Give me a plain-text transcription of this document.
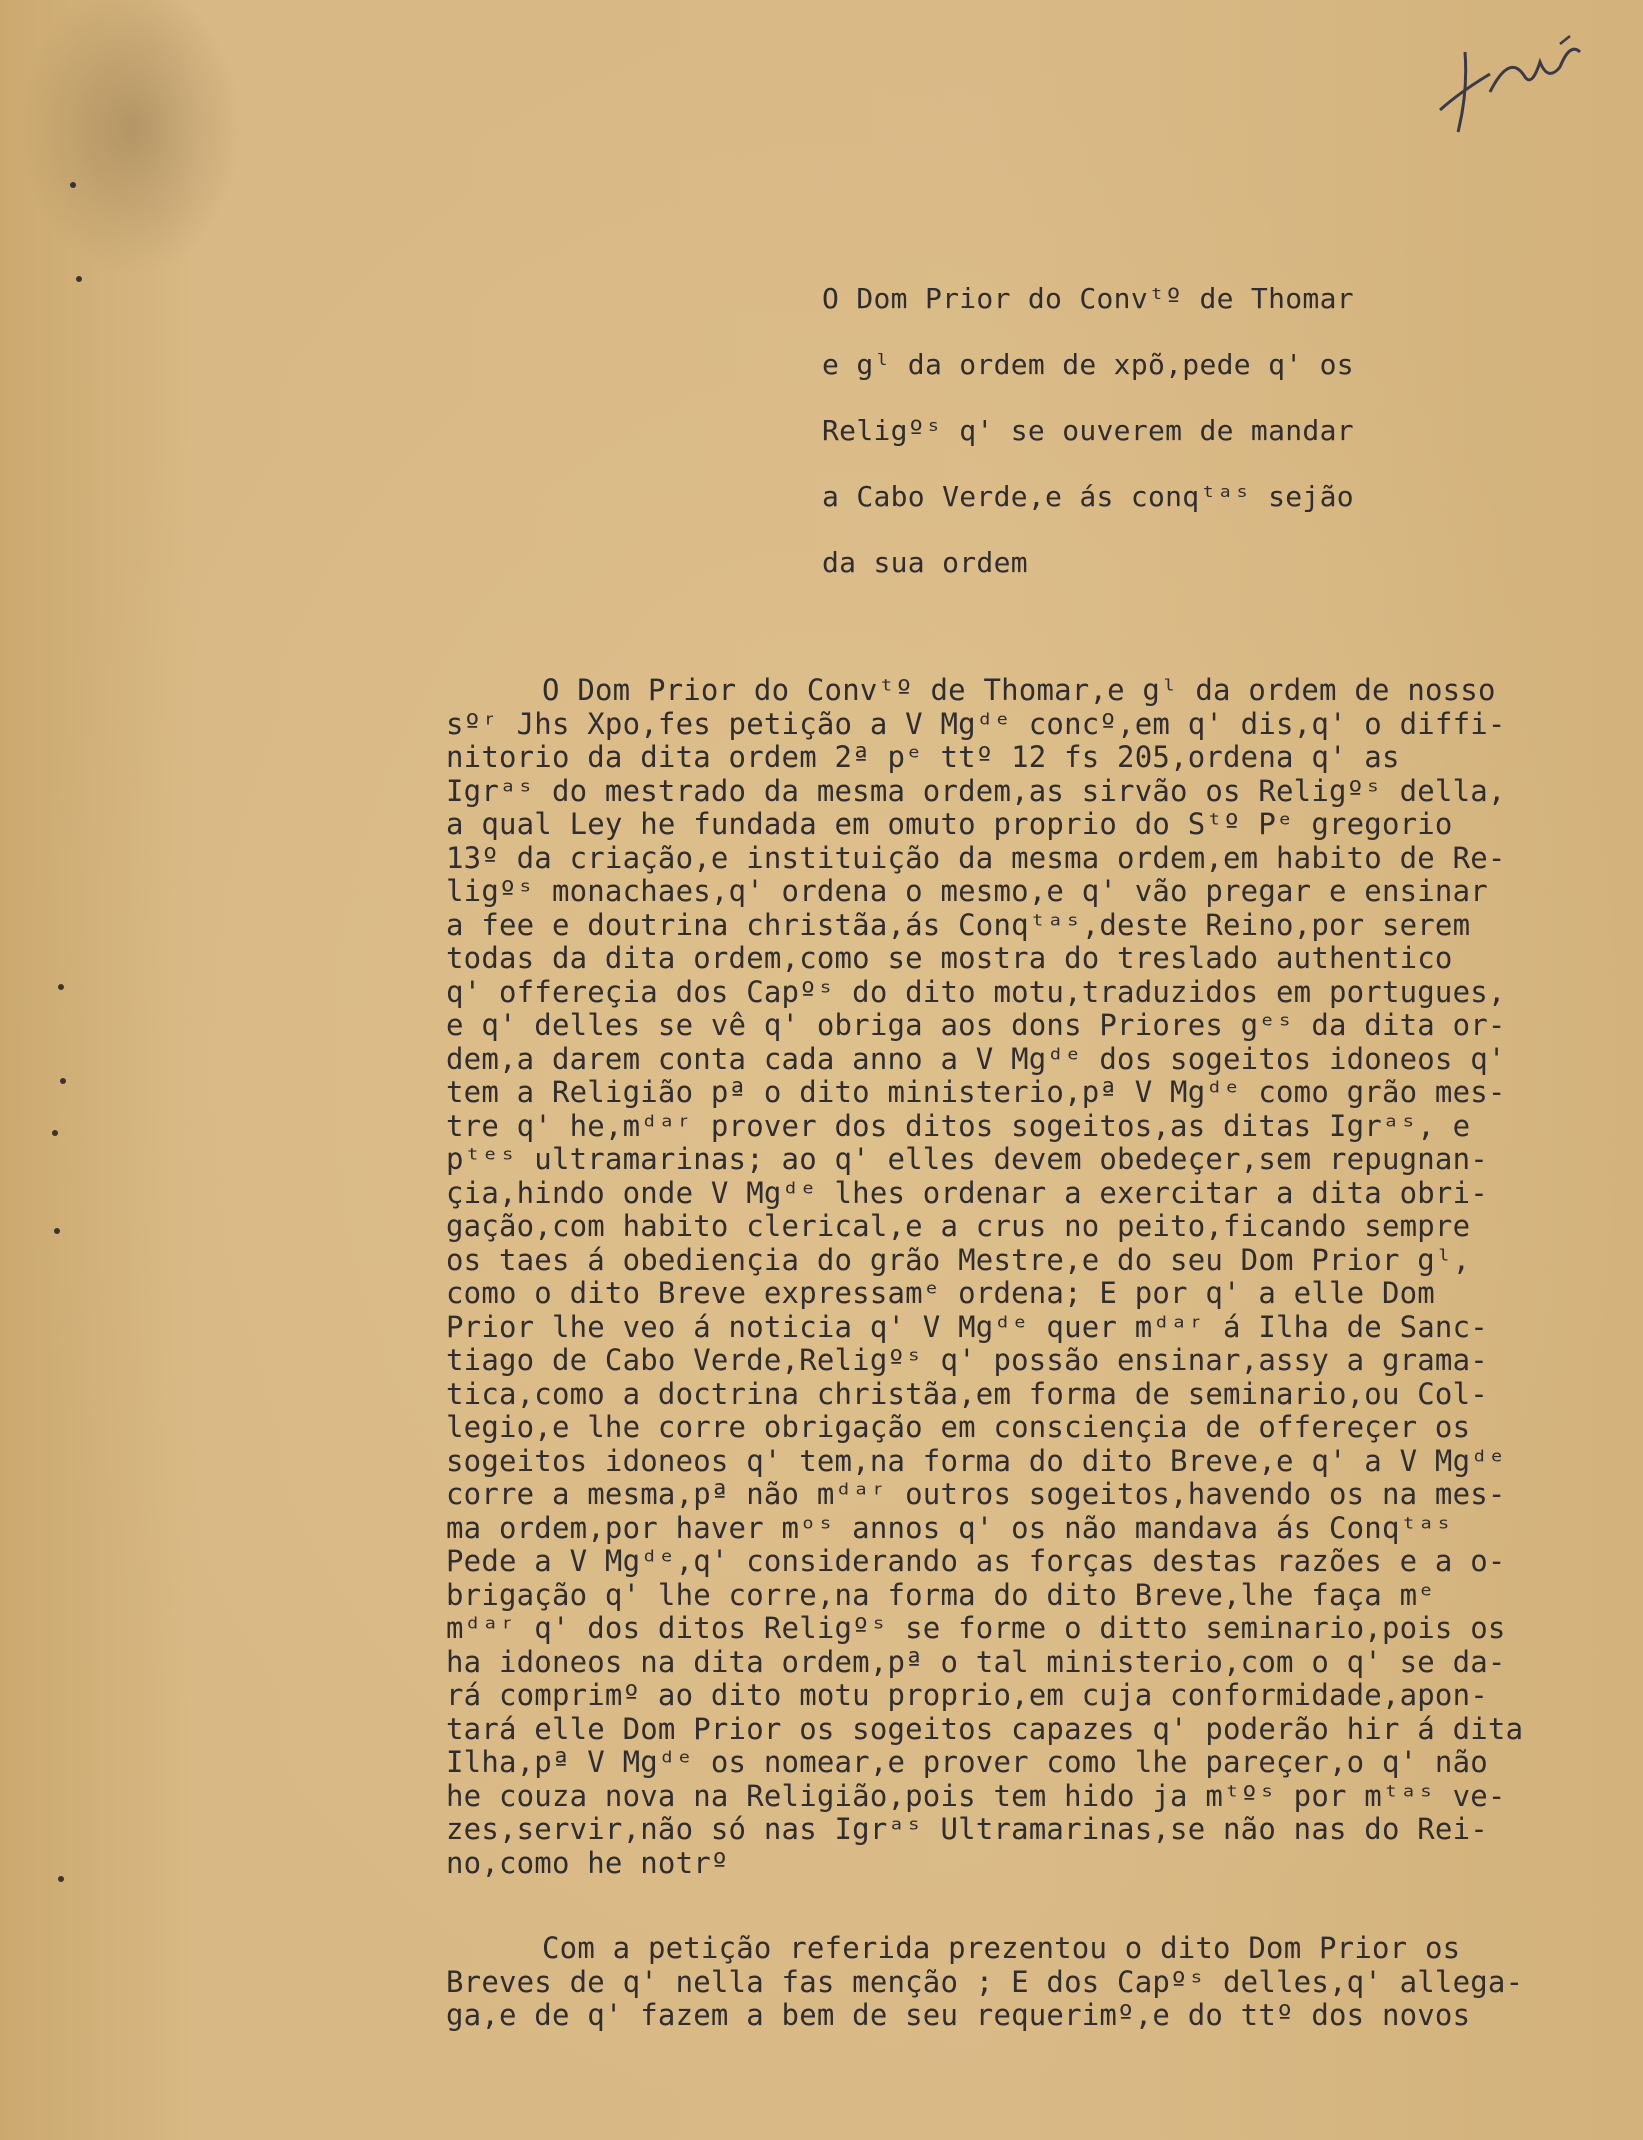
O Dom Prior do Convᵗº de Thomar

e gˡ da ordem de xpõ,pede q' os

Religºˢ q' se ouverem de mandar

a Cabo Verde,e ás conqᵗᵃˢ sejão

da sua ordem

O Dom Prior do Convᵗº de Thomar,e gˡ da ordem de nosso
sºʳ Jhs Xpo,fes petição a V Mgᵈᵉ concº,em q' dis,q' o diffi-
nitorio da dita ordem 2ª pᵉ ttº 12 fs 205,ordena q' as
Igrᵃˢ do mestrado da mesma ordem,as sirvão os Religºˢ della,
a qual Ley he fundada em omuto proprio do Sᵗº Pᵉ gregorio
13º da criação,e instituição da mesma ordem,em habito de Re-
ligºˢ monachaes,q' ordena o mesmo,e q' vão pregar e ensinar
a fee e doutrina christãa,ás Conqᵗᵃˢ,deste Reino,por serem
todas da dita ordem,como se mostra do treslado authentico
q' offereçia dos Capºˢ do dito motu,traduzidos em portugues,
e q' delles se vê q' obriga aos dons Priores gᵉˢ da dita or-
dem,a darem conta cada anno a V Mgᵈᵉ dos sogeitos idoneos q'
tem a Religião pª o dito ministerio,pª V Mgᵈᵉ como grão mes-
tre q' he,mᵈᵃʳ prover dos ditos sogeitos,as ditas Igrᵃˢ, e
pᵗᵉˢ ultramarinas; ao q' elles devem obedeçer,sem repugnan-
çia,hindo onde V Mgᵈᵉ lhes ordenar a exercitar a dita obri-
gação,com habito clerical,e a crus no peito,ficando sempre
os taes á obediençia do grão Mestre,e do seu Dom Prior gˡ,
como o dito Breve expressamᵉ ordena; E por q' a elle Dom
Prior lhe veo á noticia q' V Mgᵈᵉ quer mᵈᵃʳ á Ilha de Sanc-
tiago de Cabo Verde,Religºˢ q' possão ensinar,assy a grama-
tica,como a doctrina christãa,em forma de seminario,ou Col-
legio,e lhe corre obrigação em consciençia de offereçer os
sogeitos idoneos q' tem,na forma do dito Breve,e q' a V Mgᵈᵉ
corre a mesma,pª não mᵈᵃʳ outros sogeitos,havendo os na mes-
ma ordem,por haver mᵒˢ annos q' os não mandava ás Conqᵗᵃˢ
Pede a V Mgᵈᵉ,q' considerando as forças destas razões e a o-
brigação q' lhe corre,na forma do dito Breve,lhe faça mᵉ
mᵈᵃʳ q' dos ditos Religºˢ se forme o ditto seminario,pois os
ha idoneos na dita ordem,pª o tal ministerio,com o q' se da-
rá comprimº ao dito motu proprio,em cuja conformidade,apon-
tará elle Dom Prior os sogeitos capazes q' poderão hir á dita
Ilha,pª V Mgᵈᵉ os nomear,e prover como lhe pareçer,o q' não
he couza nova na Religião,pois tem hido ja mᵗºˢ por mᵗᵃˢ ve-
zes,servir,não só nas Igrᵃˢ Ultramarinas,se não nas do Rei-
no,como he notrº
Com a petição referida prezentou o dito Dom Prior os
Breves de q' nella fas menção ; E dos Capºˢ delles,q' allega-
ga,e de q' fazem a bem de seu requerimº,e do ttº dos novos
